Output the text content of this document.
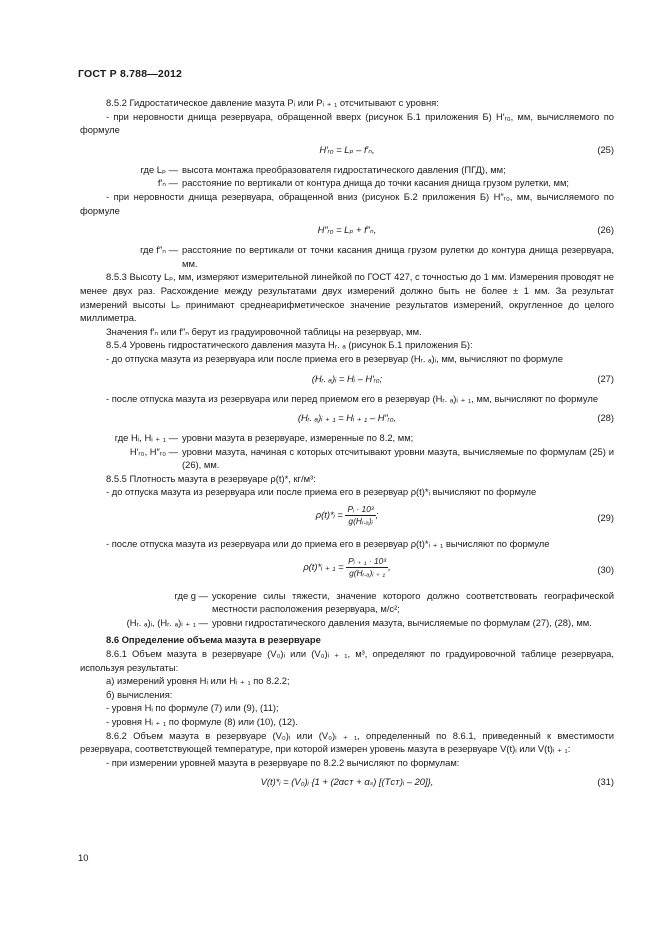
ГОСТ Р 8.788—2012

8.5.2 Гидростатическое давление мазута Pᵢ или Pᵢ ₊ ₁ отсчитывают с уровня:

- при неровности днища резервуара, обращенной вверх (рисунок Б.1 приложения Б) H′ᵣ₀, мм, вычисляемого по формуле

H′ᵣ₀ = Lₚ – f′ₙ,	(25)
где Lₚ — высота монтажа преобразователя гидростатического давления (ПГД), мм;
f′ₙ — расстояние по вертикали от контура днища до точки касания днища грузом рулетки, мм;

- при неровности днища резервуара, обращенной вниз (рисунок Б.2 приложения Б) H″ᵣ₀, мм, вычисляемого по формуле

H″ᵣ₀ = Lₚ + f″ₙ,	(26)
где f″ₙ — расстояние по вертикали от точки касания днища грузом рулетки до контура днища резервуара, мм.

8.5.3 Высоту Lₚ, мм, измеряют измерительной линейкой по ГОСТ 427, с точностью до 1 мм. Измерения проводят не менее двух раз. Расхождение между результатами двух измерений должно быть не более ± 1 мм. За результат измерений высоты Lₚ принимают среднеарифметическое значение результатов измерений, округленное до целого миллиметра.

Значения f′ₙ или f″ₙ берут из градуировочной таблицы на резервуар, мм.

8.5.4 Уровень гидростатического давления мазута Hᵣ. ₐ (рисунок Б.1 приложения Б):

- до отпуска мазута из резервуара или после приема его в резервуар (Hᵣ. ₐ)ᵢ, мм, вычисляют по формуле

(Hᵣ. ₐ)ᵢ = Hᵢ – H′ᵣ₀;	(27)

- после отпуска мазута из резервуара или перед приемом его в резервуар (Hᵣ. ₐ)ᵢ ₊ ₁, мм, вычисляют по формуле

(Hᵣ. ₐ)ᵢ ₊ ₁ = Hᵢ ₊ ₁ – H″ᵣ₀,	(28)
где Hᵢ, Hᵢ ₊ ₁ — уровни мазута в резервуаре, измеренные по 8.2, мм;
H′ᵣ₀, H″ᵣ₀ — уровни мазута, начиная с которых отсчитывают уровни мазута, вычисляемые по формулам (25) и (26), мм.

8.5.5 Плотность мазута в резервуаре ρ(t)*, кг/м³:

- до отпуска мазута из резервуара или после приема его в резервуар ρ(t)*ᵢ вычисляют по формуле

ρ(t)*ᵢ = $\frac{\text{Pᵢ · 10³}}{\text{g(Hᵣ.ₐ)ᵢ}}$ ;	(29)

- после отпуска мазута из резервуара или до приема его в резервуар ρ(t)*ᵢ ₊ ₁ вычисляют по формуле

ρ(t)*ᵢ ₊ $_1 = \frac{\text{Pᵢ ₊ ₁ · 10³}}{\text{g(Hᵣ.ₐ)ᵢ ₊ ₁}}$ ,	(30)
где g — ускорение силы тяжести, значение которого должно соответствовать географической местности расположения резервуара, м/с²;
(Hᵣ. ₐ)ᵢ, (Hᵣ. ₐ)ᵢ ₊ ₁ — уровни гидростатического давления мазута, вычисляемые по формулам (27), (28), мм.

8.6 Определение объема мазута в резервуаре

8.6.1 Объем мазута в резервуаре (V₀)ᵢ или (V₀)ᵢ ₊ ₁, м³, определяют по градуировочной таблице резервуара, используя результаты:

а) измерений уровня Hᵢ или Hᵢ ₊ ₁ по 8.2.2;

б) вычисления:

- уровня Hᵢ по формуле (7) или (9), (11);

- уровня Hᵢ ₊ ₁ по формуле (8) или (10), (12).

8.6.2 Объем мазута в резервуаре (V₀)ᵢ или (V₀)ᵢ ₊ ₁, определенный по 8.6.1, приведенный к вместимости резервуара, соответствующей температуре, при которой измерен уровень мазута в резервуаре V(t)ᵢ или V(t)ᵢ ₊ ₁:

- при измерении уровней мазута в резервуаре по 8.2.2 вычисляют по формулам:

V(t)*ᵢ = (V₀)ᵢ {1 + (2αᴄᴛ + αₛ) [(Tᴄᴛ)ᵢ – 20]},	(31)
10
